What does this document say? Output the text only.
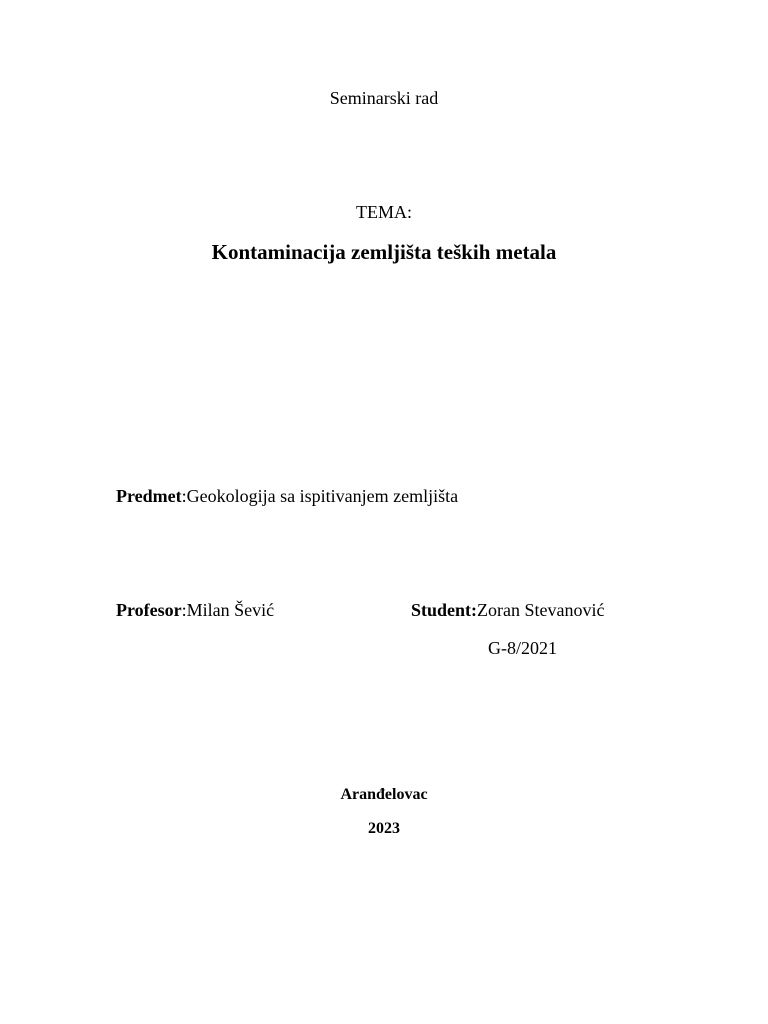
Seminarski rad
TEMA:
Kontaminacija zemljišta teških metala
Predmet:Geokologija sa ispitivanjem zemljišta
Profesor:Milan Šević	Student:Zoran Stevanović
G-8/2021
Aranđelovac
2023
